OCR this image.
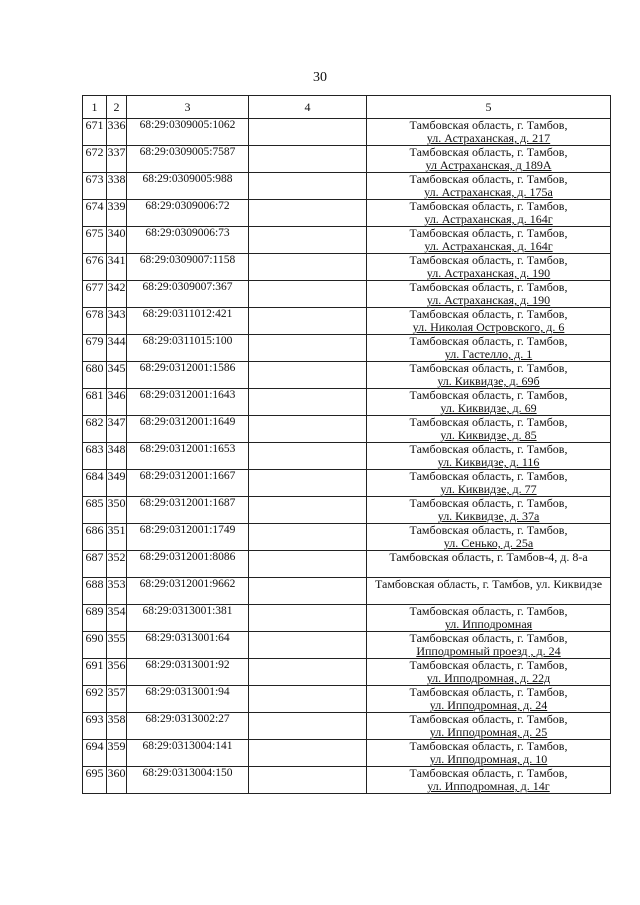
30
1	2	3	4	5
671	336	68:29:0309005:1062		Тамбовская область, г. Тамбов,
ул. Астраханская, д. 217

672	337	68:29:0309005:7587		Тамбовская область, г. Тамбов,
ул Астраханская, д 189А

673	338	68:29:0309005:988		Тамбовская область, г. Тамбов,
ул. Астраханская, д. 175а

674	339	68:29:0309006:72		Тамбовская область, г. Тамбов,
ул. Астраханская, д. 164г

675	340	68:29:0309006:73		Тамбовская область, г. Тамбов,
ул. Астраханская, д. 164г

676	341	68:29:0309007:1158		Тамбовская область, г. Тамбов,
ул. Астраханская, д. 190

677	342	68:29:0309007:367		Тамбовская область, г. Тамбов,
ул. Астраханская, д. 190

678	343	68:29:0311012:421		Тамбовская область, г. Тамбов,
ул. Николая Островского, д. 6

679	344	68:29:0311015:100		Тамбовская область, г. Тамбов,
ул. Гастелло, д. 1

680	345	68:29:0312001:1586		Тамбовская область, г. Тамбов,
ул. Киквидзе, д. 69б

681	346	68:29:0312001:1643		Тамбовская область, г. Тамбов,
ул. Киквидзе, д. 69

682	347	68:29:0312001:1649		Тамбовская область, г. Тамбов,
ул. Киквидзе, д. 85

683	348	68:29:0312001:1653		Тамбовская область, г. Тамбов,
ул. Киквидзе, д. 116

684	349	68:29:0312001:1667		Тамбовская область, г. Тамбов,
ул. Киквидзе, д. 77

685	350	68:29:0312001:1687		Тамбовская область, г. Тамбов,
ул. Киквидзе, д. 37а

686	351	68:29:0312001:1749		Тамбовская область, г. Тамбов,
ул. Сенько, д. 25а

687	352	68:29:0312001:8086		Тамбовская область, г. Тамбов-4, д. 8-а

688	353	68:29:0312001:9662		Тамбовская область, г. Тамбов, ул. Киквидзе

689	354	68:29:0313001:381		Тамбовская область, г. Тамбов,
ул. Ипподромная

690	355	68:29:0313001:64		Тамбовская область, г. Тамбов,
Ипподромный проезд , д. 24

691	356	68:29:0313001:92		Тамбовская область, г. Тамбов,
ул. Ипподромная, д. 22д

692	357	68:29:0313001:94		Тамбовская область, г. Тамбов,
ул. Ипподромная, д. 24

693	358	68:29:0313002:27		Тамбовская область, г. Тамбов,
ул. Ипподромная, д. 25

694	359	68:29:0313004:141		Тамбовская область, г. Тамбов,
ул. Ипподромная, д. 10

695	360	68:29:0313004:150		Тамбовская область, г. Тамбов,
ул. Ипподромная, д. 14г
